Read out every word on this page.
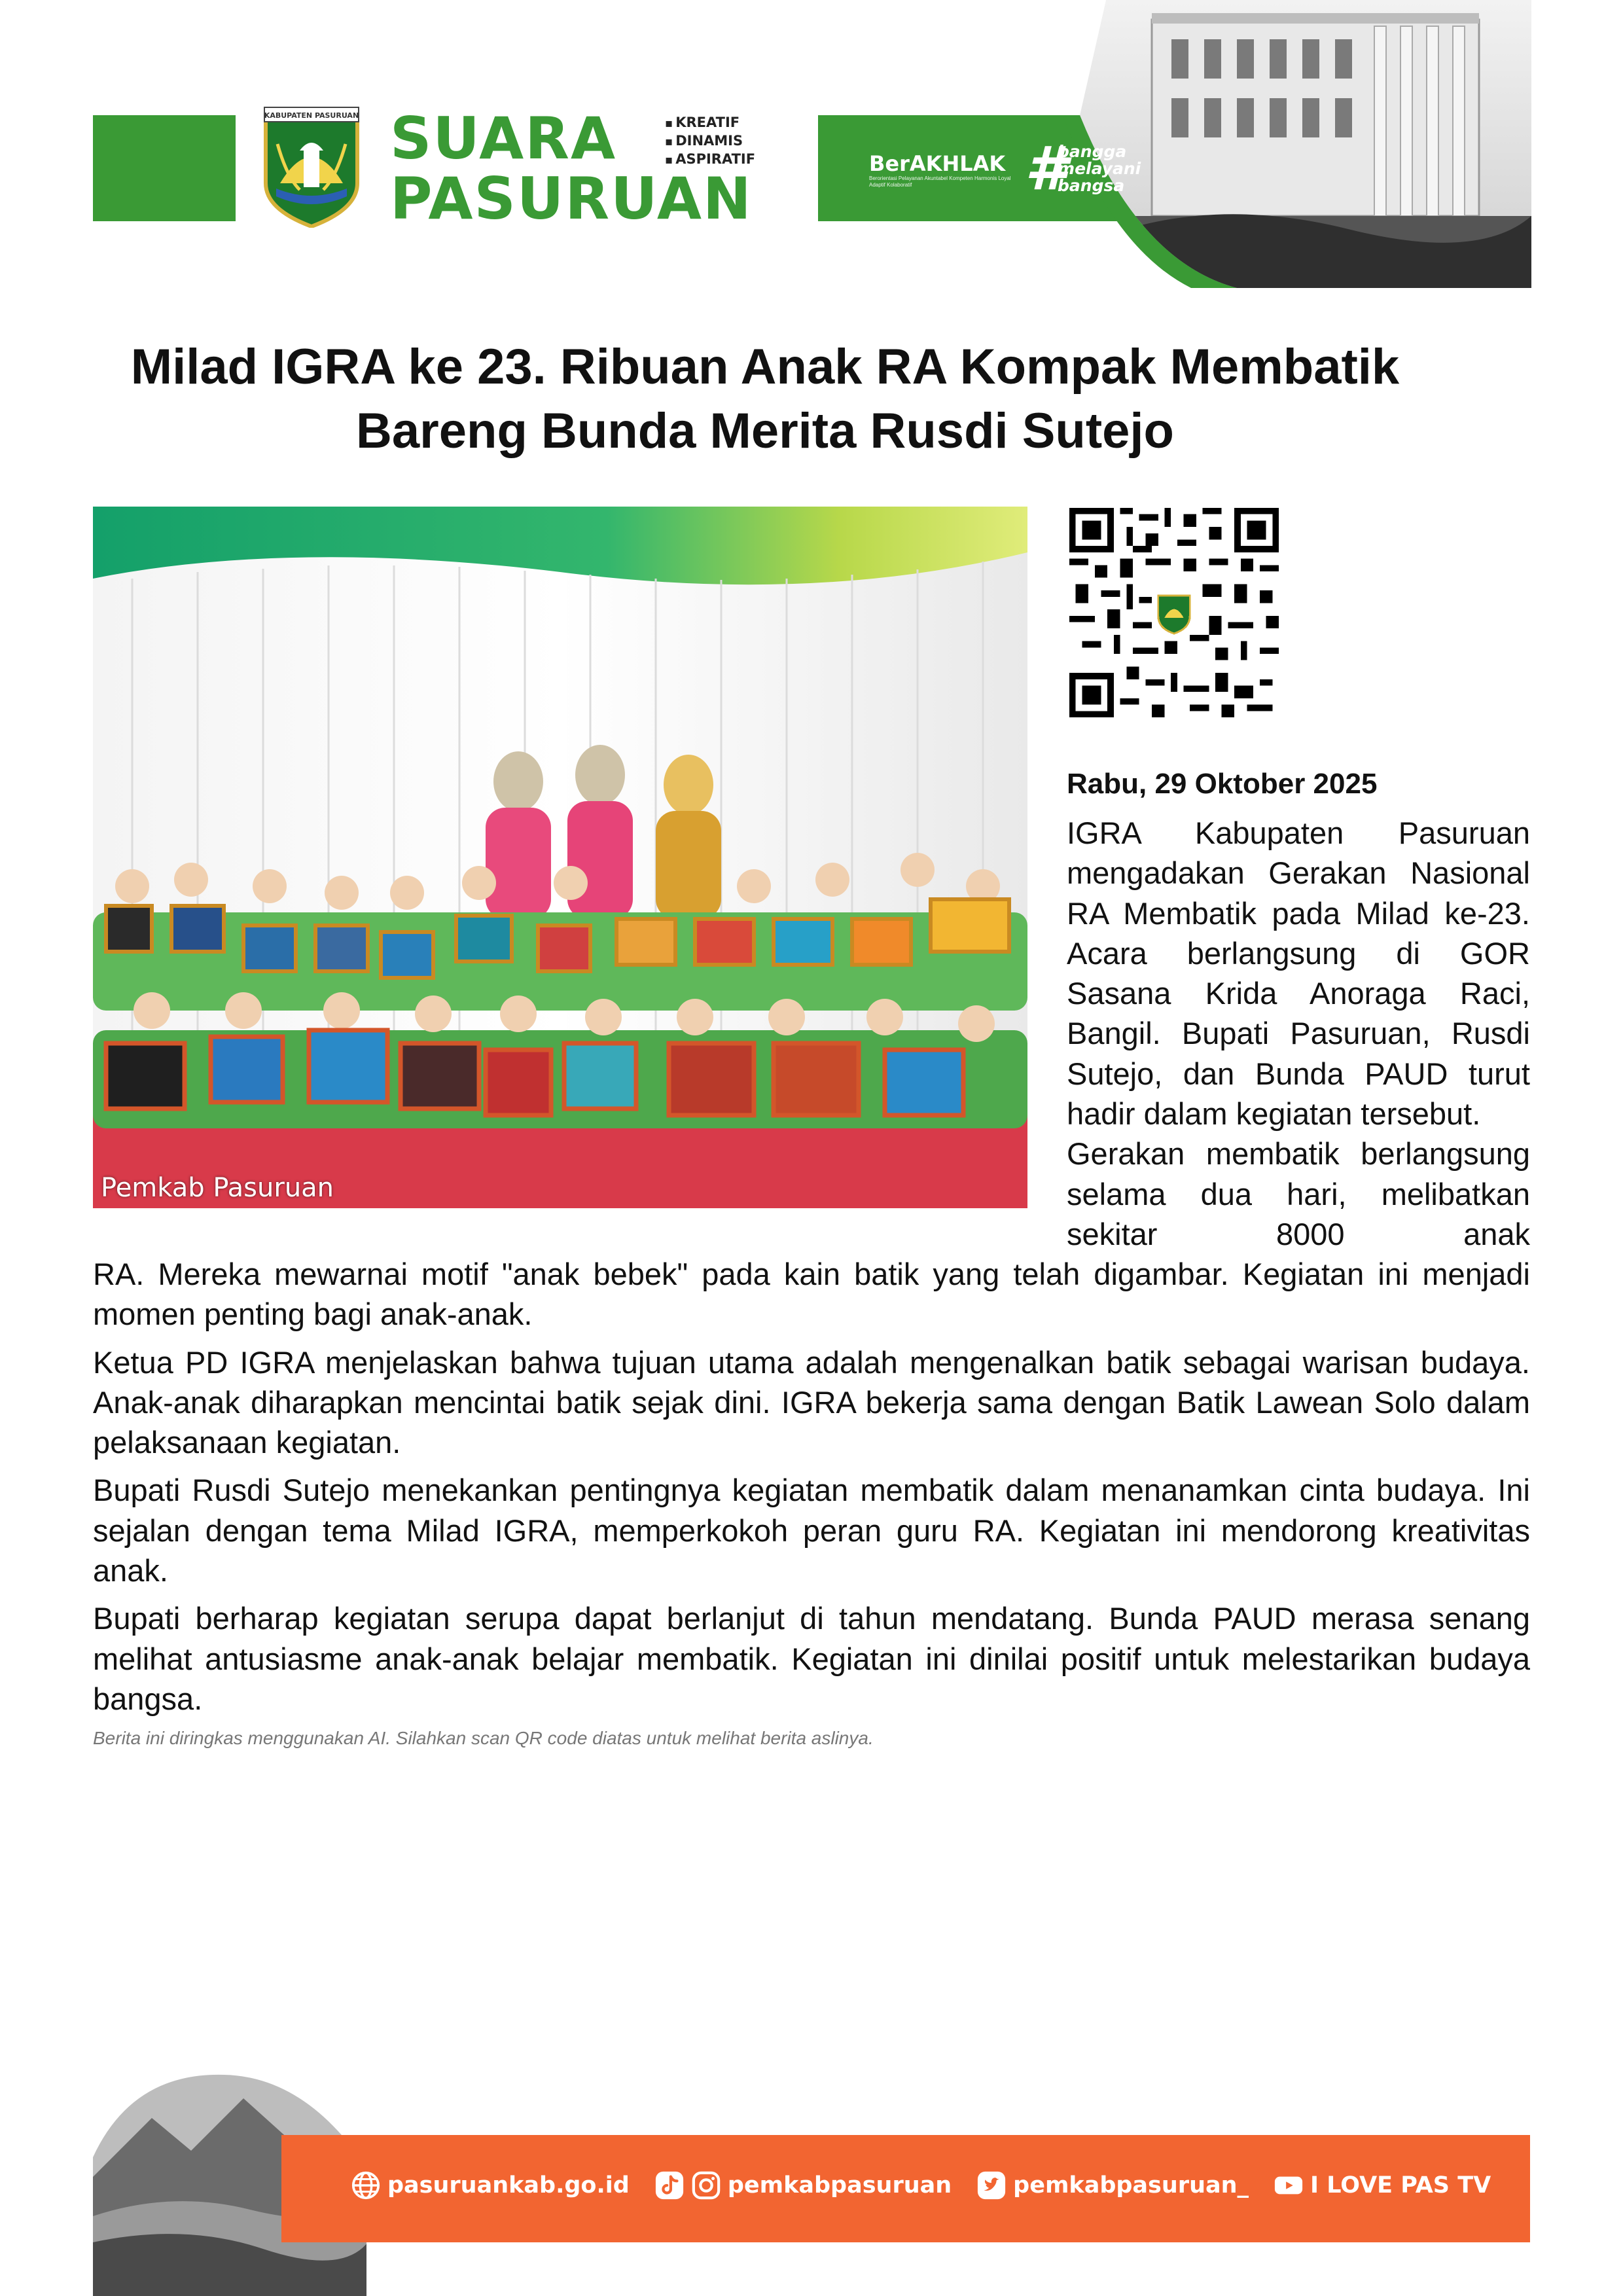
KABUPATEN PASURUAN SUARA
PASURUAN
▪ KREATIF
▪ DINAMIS
▪ ASPIRATIF	BerAKHLAK
Berorientasi Pelayanan Akuntabel Kompeten Harmonis Loyal Adaptif Kolaboratif	#
bangga
melayani
bangsa
Milad IGRA ke 23. Ribuan Anak RA Kompak Membatik Bareng Bunda Merita Rusdi Sutejo
Pemkab Pasuruan

Rabu, 29 Oktober 2025

IGRA Kabupaten Pasuruan mengadakan Gerakan Nasional RA Membatik pada Milad ke-23. Acara berlangsung di GOR Sasana Krida Anoraga Raci, Bangil. Bupati Pasuruan, Rusdi Sutejo, dan Bunda PAUD turut hadir dalam kegiatan tersebut.

Gerakan membatik berlangsung selama dua hari, melibatkan sekitar 8000 anak

RA. Mereka mewarnai motif "anak bebek" pada kain batik yang telah digambar. Kegiatan ini menjadi momen penting bagi anak-anak.

Ketua PD IGRA menjelaskan bahwa tujuan utama adalah mengenalkan batik sebagai warisan budaya. Anak-anak diharapkan mencintai batik sejak dini. IGRA bekerja sama dengan Batik Lawean Solo dalam pelaksanaan kegiatan.

Bupati Rusdi Sutejo menekankan pentingnya kegiatan membatik dalam menanamkan cinta budaya. Ini sejalan dengan tema Milad IGRA, memperkokoh peran guru RA. Kegiatan ini mendorong kreativitas anak.

Bupati berharap kegiatan serupa dapat berlanjut di tahun mendatang. Bunda PAUD merasa senang melihat antusiasme anak-anak belajar membatik. Kegiatan ini dinilai positif untuk melestarikan budaya bangsa.

Berita ini diringkas menggunakan AI. Silahkan scan QR code diatas untuk melihat berita aslinya.
pasuruankab.go.id	pemkabpasuruan	pemkabpasuruan_	I LOVE PAS TV
